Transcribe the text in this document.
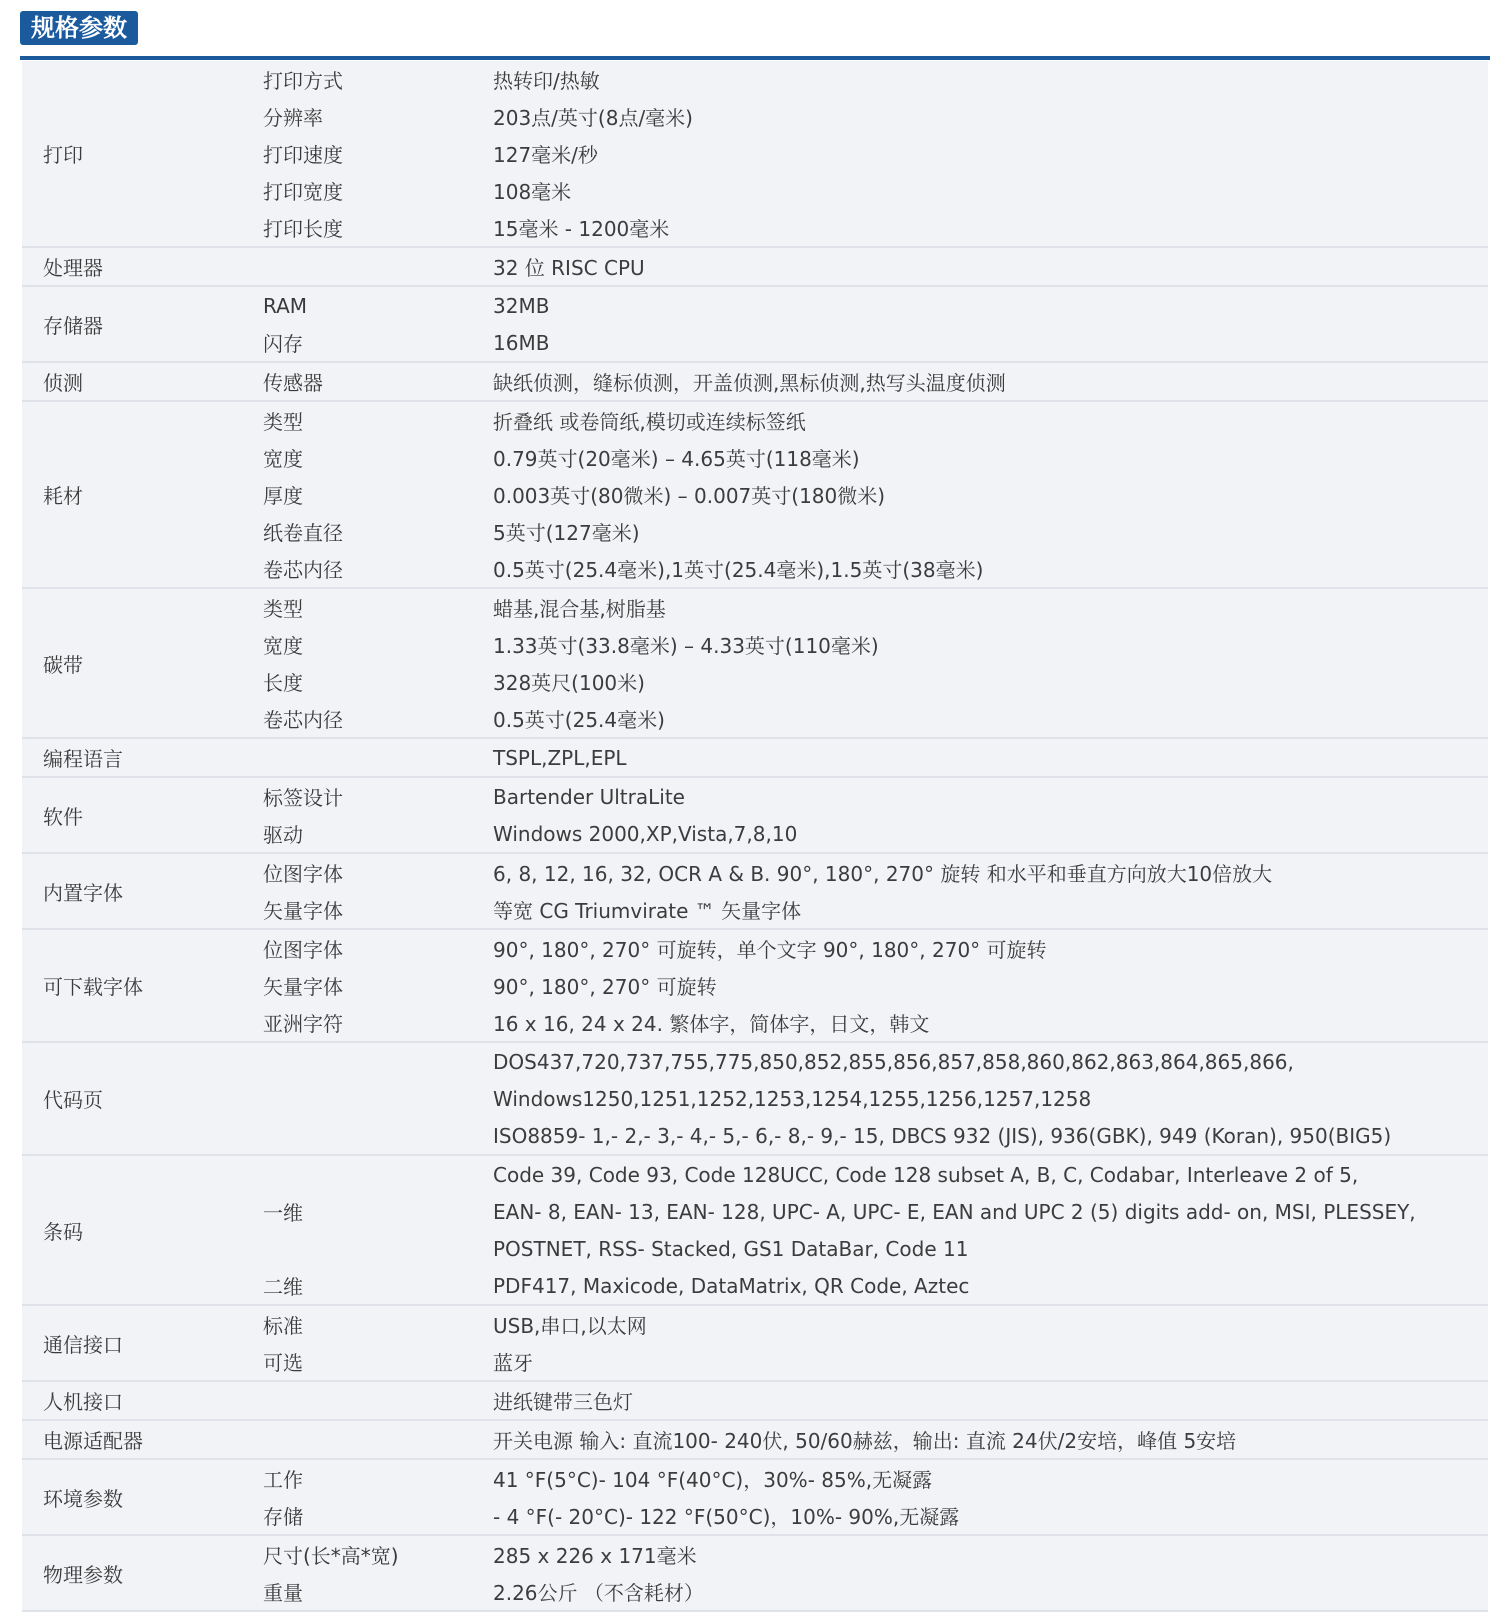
规格参数
打印	打印方式	热转印/热敏
	分辨率	203点/英寸(8点/毫米)
	打印速度	127毫米/秒
	打印宽度	108毫米
	打印长度	15毫米 - 1200毫米
处理器		32 位 RISC CPU
存储器	RAM	32MB
	闪存	16MB
侦测	传感器	缺纸侦测，缝标侦测，开盖侦测,黑标侦测,热写头温度侦测
耗材	类型	折叠纸 或卷筒纸,模切或连续标签纸
	宽度	0.79英寸(20毫米) – 4.65英寸(118毫米)
	厚度	0.003英寸(80微米) – 0.007英寸(180微米)
	纸卷直径	5英寸(127毫米)
	卷芯内径	0.5英寸(25.4毫米),1英寸(25.4毫米),1.5英寸(38毫米)
碳带	类型	蜡基,混合基,树脂基
	宽度	1.33英寸(33.8毫米) – 4.33英寸(110毫米)
	长度	328英尺(100米)
	卷芯内径	0.5英寸(25.4毫米)
编程语言		TSPL,ZPL,EPL
软件	标签设计	Bartender UltraLite
	驱动	Windows 2000,XP,Vista,7,8,10
内置字体	位图字体	6, 8, 12, 16, 32, OCR A & B. 90°, 180°, 270° 旋转 和水平和垂直方向放大10倍放大
	矢量字体	等宽 CG Triumvirate ™ 矢量字体
可下载字体	位图字体	90°, 180°, 270° 可旋转，单个文字 90°, 180°, 270° 可旋转
	矢量字体	90°, 180°, 270° 可旋转
	亚洲字符	16 x 16, 24 x 24. 繁体字，简体字，日文，韩文
代码页		DOS437,720,737,755,775,850,852,855,856,857,858,860,862,863,864,865,866,
		Windows1250,1251,1252,1253,1254,1255,1256,1257,1258
		ISO8859- 1,- 2,- 3,- 4,- 5,- 6,- 8,- 9,- 15, DBCS 932 (JIS), 936(GBK), 949 (Koran), 950(BIG5)
条码		Code 39, Code 93, Code 128UCC, Code 128 subset A, B, C, Codabar, Interleave 2 of 5,
	一维	EAN- 8, EAN- 13, EAN- 128, UPC- A, UPC- E, EAN and UPC 2 (5) digits add- on, MSI, PLESSEY,
		POSTNET, RSS- Stacked, GS1 DataBar, Code 11
	二维	PDF417, Maxicode, DataMatrix, QR Code, Aztec
通信接口	标准	USB,串口,以太网
	可选	蓝牙
人机接口		进纸键带三色灯
电源适配器		开关电源 输入: 直流100- 240伏, 50/60赫兹，输出: 直流 24伏/2安培，峰值 5安培
环境参数	工作	41 °F(5°C)- 104 °F(40°C)，30%- 85%,无凝露
	存储	- 4 °F(- 20°C)- 122 °F(50°C)，10%- 90%,无凝露
物理参数	尺寸(长*高*宽)	285 x 226 x 171毫米
	重量	2.26公斤 （不含耗材）
